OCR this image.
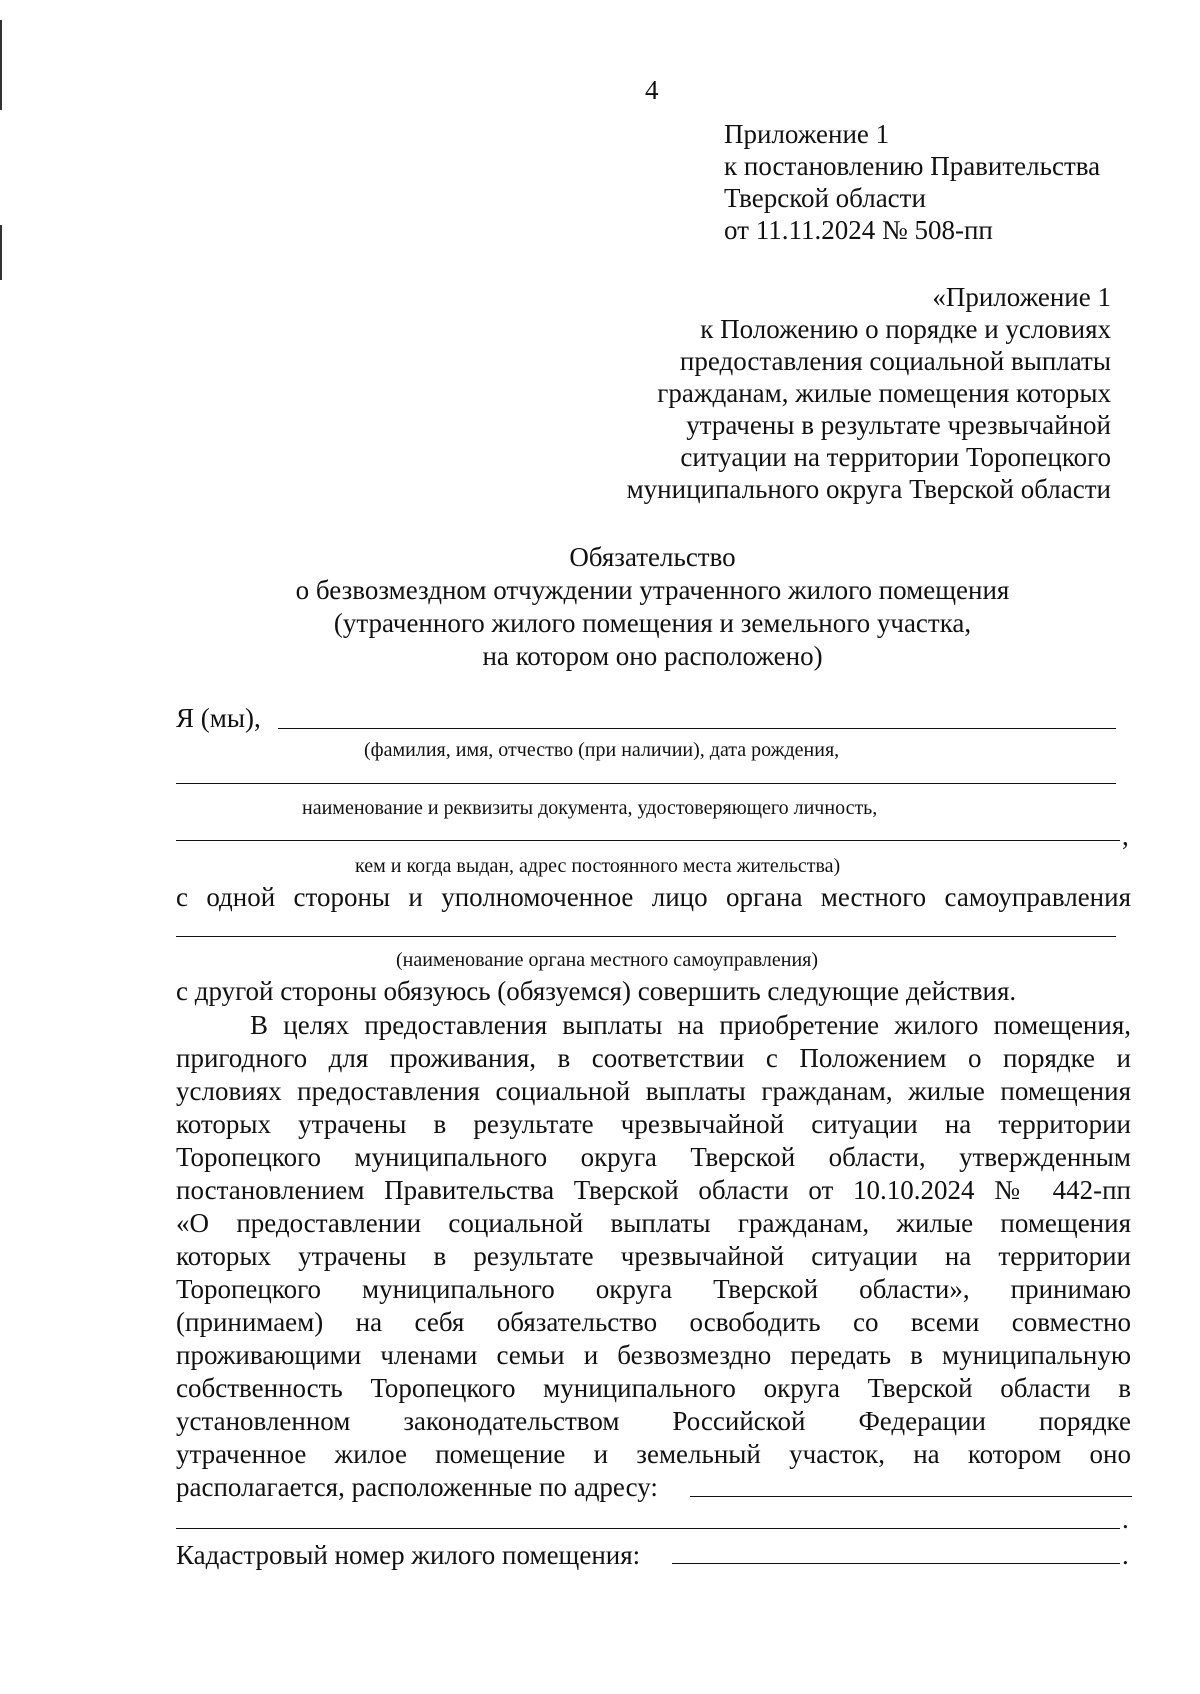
4
Приложение 1
к постановлению Правительства
Тверской области
от 11.11.2024 № 508-пп
«Приложение 1
к Положению о порядке и условиях
предоставления социальной выплаты
гражданам, жилые помещения которых
утрачены в результате чрезвычайной
ситуации на территории Торопецкого
муниципального округа Тверской области
Обязательство
о безвозмездном отчуждении утраченного жилого помещения
(утраченного жилого помещения и земельного участка,
на котором оно расположено)
Я (мы),
(фамилия, имя, отчество (при наличии), дата рождения,
наименование и реквизиты документа, удостоверяющего личность,
,
кем и когда выдан, адрес постоянного места жительства)
с одной стороны и уполномоченное лицо органа местного самоуправления
(наименование органа местного самоуправления)
с другой стороны обязуюсь (обязуемся) совершить следующие действия.
В целях предоставления выплаты на приобретение жилого помещения,
пригодного для проживания, в соответствии с Положением о порядке и
условиях предоставления социальной выплаты гражданам, жилые помещения
которых утрачены в результате чрезвычайной ситуации на территории
Торопецкого муниципального округа Тверской области, утвержденным
постановлением Правительства Тверской области от 10.10.2024 № 442-пп
«О предоставлении социальной выплаты гражданам, жилые помещения
которых утрачены в результате чрезвычайной ситуации на территории
Торопецкого муниципального округа Тверской области», принимаю
(принимаем) на себя обязательство освободить со всеми совместно
проживающими членами семьи и безвозмездно передать в муниципальную
собственность Торопецкого муниципального округа Тверской области в
установленном законодательством Российской Федерации порядке
утраченное жилое помещение и земельный участок, на котором оно
располагается, расположенные по адресу:
.
Кадастровый номер жилого помещения:	.
